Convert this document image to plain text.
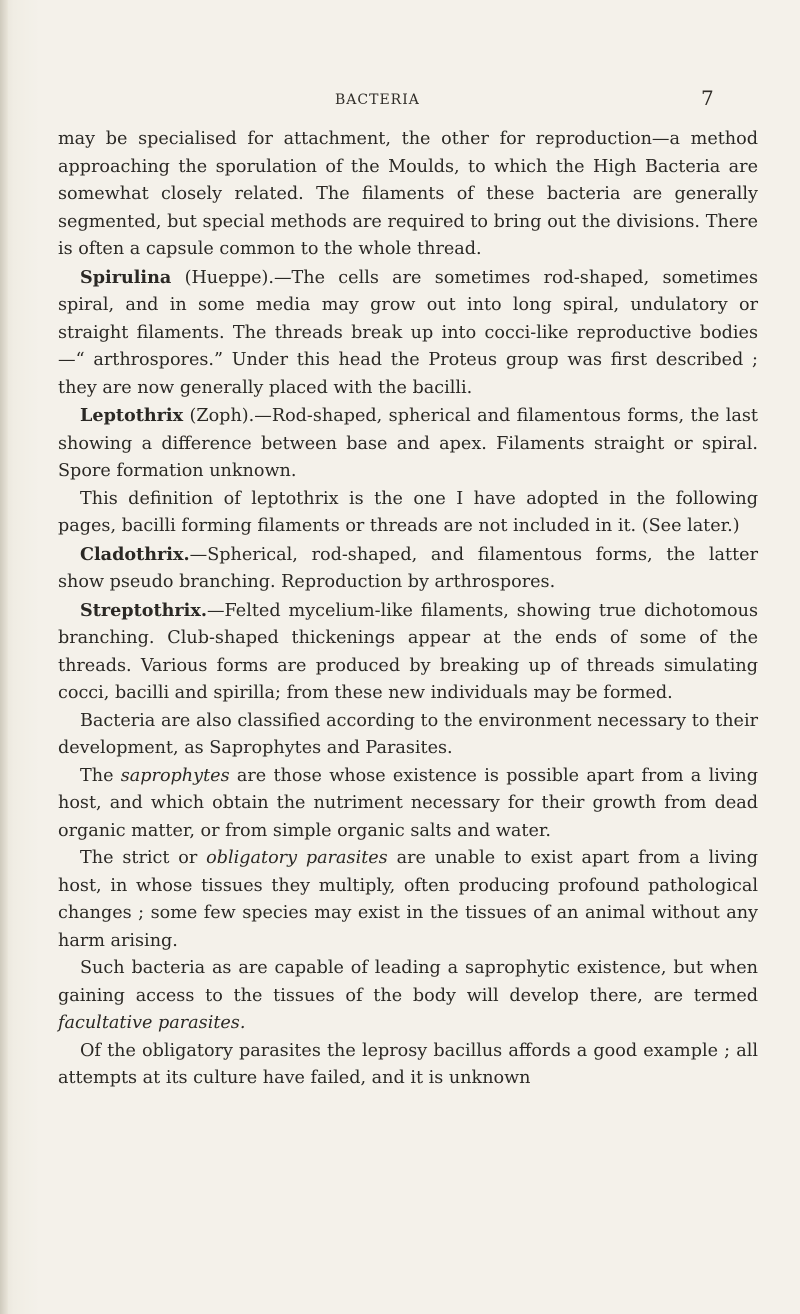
BACTERIA	7

may be specialised for attachment, the other for reproduction—a method approaching the sporulation of the Moulds, to which the High Bacteria are somewhat closely related. The filaments of these bacteria are generally segmented, but special methods are required to bring out the divisions. There is often a capsule common to the whole thread.

Spirulina (Hueppe).—The cells are sometimes rod-shaped, sometimes spiral, and in some media may grow out into long spiral, undulatory or straight filaments. The threads break up into cocci-like reproductive bodies—“ arthrospores.” Under this head the Proteus group was first described ; they are now generally placed with the bacilli.

Leptothrix (Zoph).—Rod-shaped, spherical and filamentous forms, the last showing a difference between base and apex. Filaments straight or spiral. Spore formation unknown.

This definition of leptothrix is the one I have adopted in the following pages, bacilli forming filaments or threads are not included in it. (See later.)

Cladothrix.—Spherical, rod-shaped, and filamentous forms, the latter show pseudo branching. Reproduction by arthrospores.

Streptothrix.—Felted mycelium-like filaments, showing true dichotomous branching. Club-shaped thickenings appear at the ends of some of the threads. Various forms are produced by breaking up of threads simulating cocci, bacilli and spirilla; from these new individuals may be formed.

Bacteria are also classified according to the environment necessary to their development, as Saprophytes and Parasites.

The saprophytes are those whose existence is possible apart from a living host, and which obtain the nutriment necessary for their growth from dead organic matter, or from simple organic salts and water.

The strict or obligatory parasites are unable to exist apart from a living host, in whose tissues they multiply, often producing profound pathological changes ; some few species may exist in the tissues of an animal without any harm arising.

Such bacteria as are capable of leading a saprophytic existence, but when gaining access to the tissues of the body will develop there, are termed facultative parasites.

Of the obligatory parasites the leprosy bacillus affords a good example ; all attempts at its culture have failed, and it is unknown
